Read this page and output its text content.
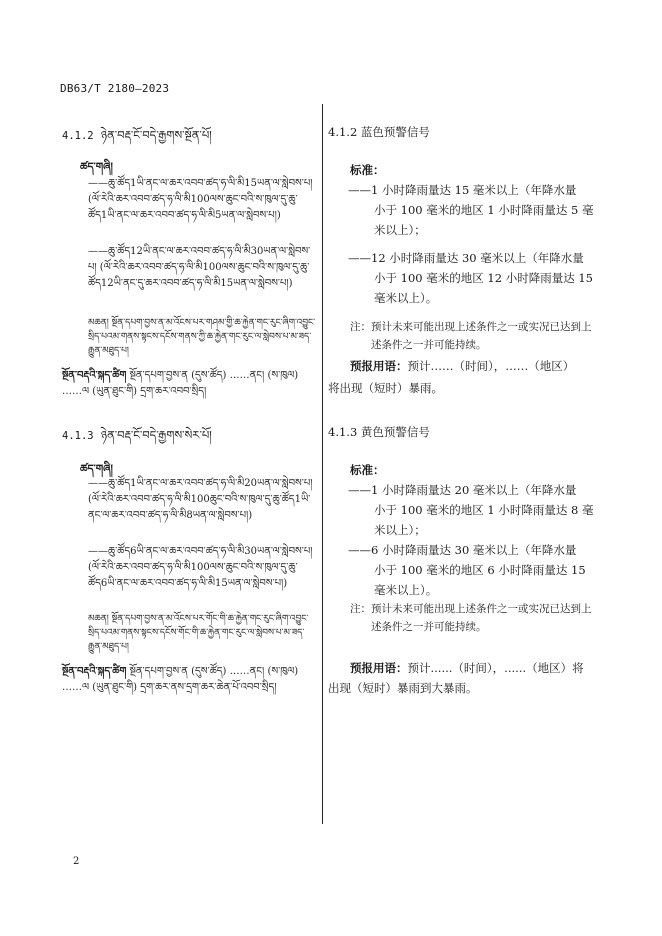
DB63/T 2180—2023
4.1.2 ཉེན་བརྡ་ངོ་བདེ་རྒྱགས་སྔོན་པོ།
ཚད་གཞི།
——ཆུ་ཚོད1ཡི་ནང་ལ་ཆར་འབབ་ཚད་ཧ་ལི་མི15ཡན་ལ་སླེབས་པ། (ལོ་རེའི་ཆར་འབབ་ཚད་ཧ་ལི་མི100ལས་ཆུང་བའི་ས་ཁུལ་དུ་ཆུ་ཚོད1ཡི་ནང་ལ་ཆར་འབབ་ཚད་ཧ་ལི་མི5ཡན་ལ་སླེབས་པ།)
——ཆུ་ཚོད12ཡི་ནང་ལ་ཆར་འབབ་ཚད་ཧ་ལི་མི30ཡན་ལ་སླེབས་པ། (ལོ་རེའི་ཆར་འབབ་ཚད་ཧ་ལི་མི100ལས་ཆུང་བའི་ས་ཁུལ་དུ་ཆུ་ཚོད12ཡི་ནང་དུ་ཆར་འབབ་ཚད་ཧ་ལི་མི15ཡན་ལ་སླེབས་པ།)
མཆན། སྔོན་དཔག་བྱས་ན་མ་འོངས་པར་གཤམ་གྱི་ཆ་རྐྱེན་གང་རུང་ཞིག་འབྱུང་སྲིད་པའམ་གནས་སྟངས་དངོས་གནས་ཀྱི་ཆ་རྐྱེན་གང་རུང་ལ་སླེབས་པ་མ་ཟད་རྒྱུན་མཐུད་པ།
སྔོན་བརྡའི་སྐད་ཚིག སྔོན་དཔག་བྱས་ན (དུས་ཚོད) ……ནང། (ས་ཁུལ) ……ལ (ཡུན་ཐུང་གི) དྲག་ཆར་འབབ་སྲིད།
4.1.3 ཉེན་བརྡ་ངོ་བདེ་རྒྱགས་སེར་པོ།
ཚད་གཞི།
——ཆུ་ཚོད1ཡི་ནང་ལ་ཆར་འབབ་ཚད་ཧ་ལི་མི20ཡན་ལ་སླེབས་པ། (ལོ་རེའི་ཆར་འབབ་ཚད་ཧ་ལི་མི100ཆུང་བའི་ས་ཁུལ་དུ་ཆུ་ཚོད1ཡི་ནང་ལ་ཆར་འབབ་ཚད་ཧ་ལི་མི8ཡན་ལ་སླེབས་པ།)
——ཆུ་ཚོད6ཡི་ནང་ལ་ཆར་འབབ་ཚད་ཧ་ལི་མི30ཡན་ལ་སླེབས་པ། (ལོ་རེའི་ཆར་འབབ་ཚད་ཧ་ལི་མི100ལས་ཆུང་བའི་ས་ཁུལ་དུ་ཆུ་ཚོད6ཡི་ནང་ལ་ཆར་འབབ་ཚད་ཧ་ལི་མི15ཡན་ལ་སླེབས་པ།)
མཆན། སྔོན་དཔག་བྱས་ན་མ་འོངས་པར་གོང་གི་ཆ་རྐྱེན་གང་རུང་ཞིག་འབྱུང་སྲིད་པའམ་གནས་སྟངས་དངོས་གོང་གི་ཆ་རྐྱེན་གང་རུང་ལ་སླེབས་པ་མ་ཟད་རྒྱུན་མཐུད་པ།
སྔོན་བརྡའི་སྐད་ཚིག སྔོན་དཔག་བྱས་ན (དུས་ཚོད) ……ནང། (ས་ཁུལ) ……ལ (ཡུན་ཐུང་གི) དྲག་ཆར་ནས་དྲག་ཆར་ཆེན་པོ་འབབ་སྲིད།
4.1.2 蓝色预警信号
标准：
——1 小时降雨量达 15 毫米以上（年降水量
小于 100 毫米的地区 1 小时降雨量达 5 毫
米以上）；
——12 小时降雨量达 30 毫米以上（年降水量
小于 100 毫米的地区 12 小时降雨量达 15
毫米以上）。
注：预计未来可能出现上述条件之一或实况已达到上
述条件之一并可能持续。
预报用语：预计……（时间），……（地区）
将出现（短时）暴雨。
4.1.3 黄色预警信号
标准：
——1 小时降雨量达 20 毫米以上（年降水量
小于 100 毫米的地区 1 小时降雨量达 8 毫
米以上）；
——6 小时降雨量达 30 毫米以上（年降水量
小于 100 毫米的地区 6 小时降雨量达 15
毫米以上）。
注：预计未来可能出现上述条件之一或实况已达到上
述条件之一并可能持续。
预报用语：预计......（时间），......（地区）将
出现（短时）暴雨到大暴雨。
2
